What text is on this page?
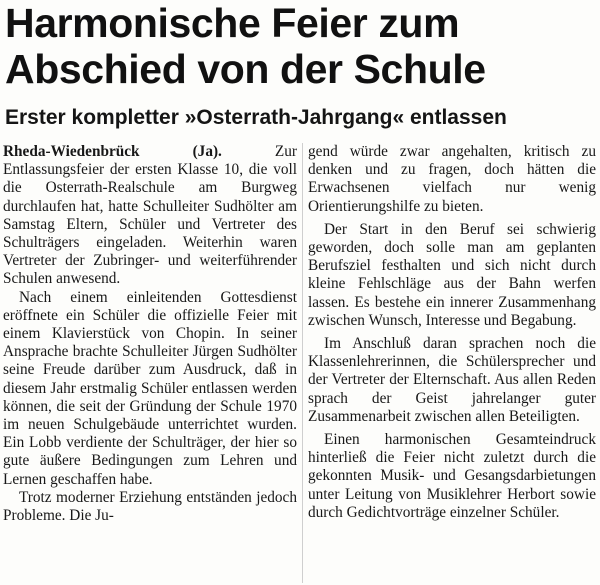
Harmonische Feier zum
Abschied von der Schule
Erster kompletter »Osterrath-Jahrgang« entlassen

Rheda-Wiedenbrück (Ja).	Zur Entlassungsfeier der ersten Klasse 10, die voll die Osterrath-Realschule am Burgweg durchlaufen hat, hatte Schulleiter Sudhölter am Samstag Eltern, Schüler und Vertreter des Schulträgers eingeladen. Weiterhin waren Vertreter der Zubringer- und weiterführender Schulen anwesend.

Nach einem einleitenden Gottesdienst eröffnete ein Schüler die offizielle Feier mit einem Klavierstück von Chopin. In seiner Ansprache brachte Schulleiter Jürgen Sudhölter seine Freude darüber zum Ausdruck, daß in diesem Jahr erstmalig Schüler entlassen werden können, die seit der Gründung der Schule 1970 im neuen Schulgebäude unterrichtet wurden. Ein Lobb verdiente der Schulträger, der hier so gute äußere Bedingungen zum Lehren und Lernen geschaffen habe.

Trotz moderner Erziehung entständen jedoch Probleme. Die Ju-

gend würde zwar angehalten, kritisch zu denken und zu fragen, doch hätten die Erwachsenen vielfach nur wenig Orientierungshilfe zu bieten.

Der Start in den Beruf sei schwierig geworden, doch solle man am geplanten Berufsziel festhalten und sich nicht durch kleine Fehlschläge aus der Bahn werfen lassen. Es bestehe ein innerer Zusammenhang zwischen Wunsch, Interesse und Begabung.

Im Anschluß daran sprachen noch die Klassenlehrerinnen, die Schülersprecher und der Vertreter der Elternschaft. Aus allen Reden sprach der Geist jahrelanger guter Zusammenarbeit zwischen allen Beteiligten.

Einen harmonischen Gesamteindruck hinterließ die Feier nicht zuletzt durch die gekonnten Musik- und Gesangsdarbietungen unter Leitung von Musiklehrer Herbort sowie durch Gedichtvorträge einzelner Schüler.
